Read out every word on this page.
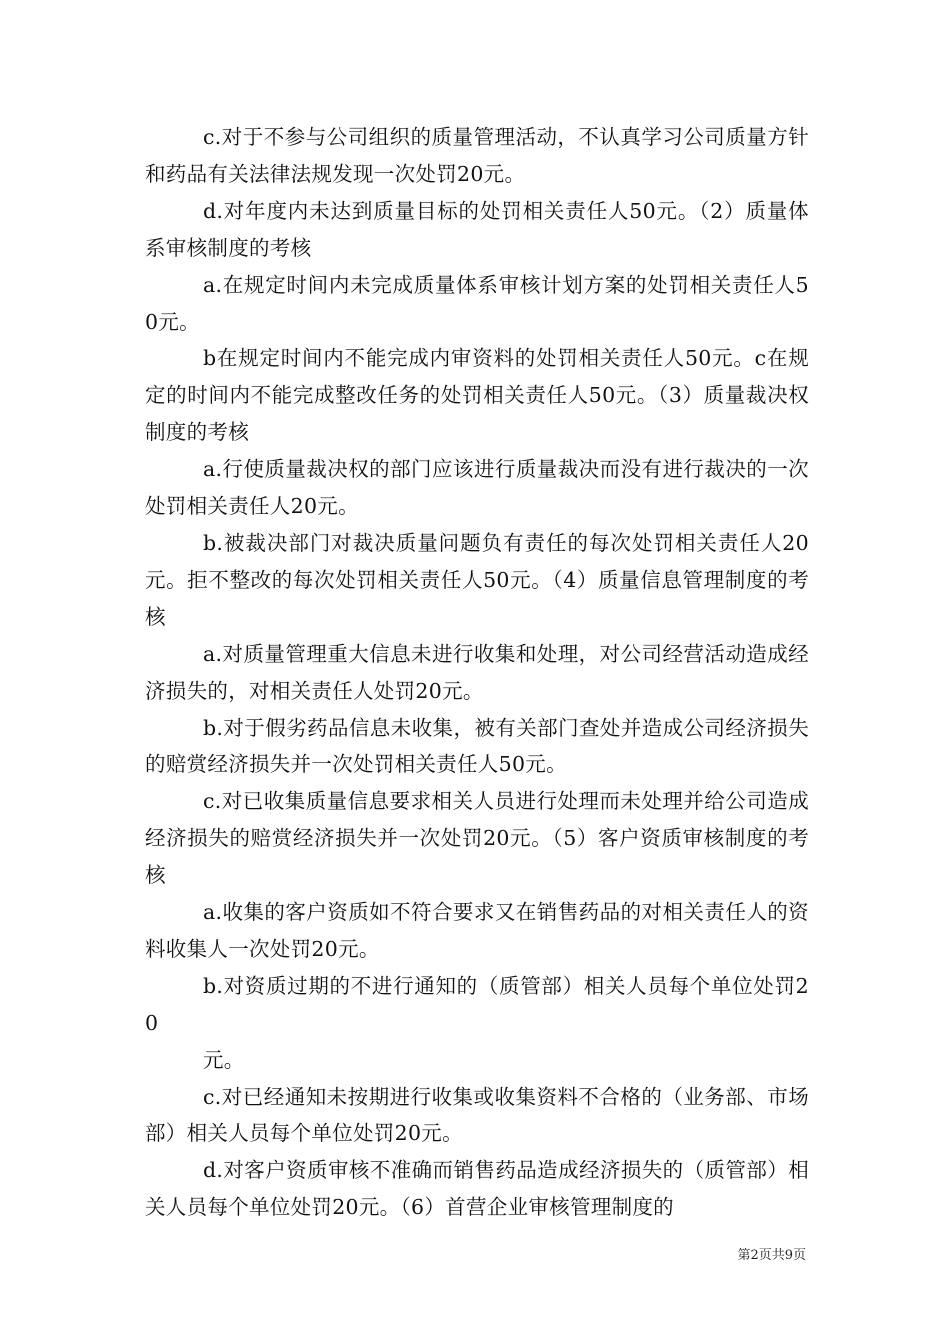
c.对于不参与公司组织的质量管理活动，不认真学习公司质量方针和药品有关法律法规发现一次处罚20元。

d.对年度内未达到质量目标的处罚相关责任人50元。（2）质量体系审核制度的考核

a.在规定时间内未完成质量体系审核计划方案的处罚相关责任人50元。

b在规定时间内不能完成内审资料的处罚相关责任人50元。c在规定的时间内不能完成整改任务的处罚相关责任人50元。（3）质量裁决权制度的考核

a.行使质量裁决权的部门应该进行质量裁决而没有进行裁决的一次处罚相关责任人20元。

b.被裁决部门对裁决质量问题负有责任的每次处罚相关责任人20元。拒不整改的每次处罚相关责任人50元。（4）质量信息管理制度的考核

a.对质量管理重大信息未进行收集和处理，对公司经营活动造成经济损失的，对相关责任人处罚20元。

b.对于假劣药品信息未收集，被有关部门查处并造成公司经济损失的赔赏经济损失并一次处罚相关责任人50元。

c.对已收集质量信息要求相关人员进行处理而未处理并给公司造成经济损失的赔赏经济损失并一次处罚20元。（5）客户资质审核制度的考核

a.收集的客户资质如不符合要求又在销售药品的对相关责任人的资料收集人一次处罚20元。

b.对资质过期的不进行通知的（质管部）相关人员每个单位处罚20

元。

c.对已经通知未按期进行收集或收集资料不合格的（业务部、市场部）相关人员每个单位处罚20元。

d.对客户资质审核不准确而销售药品造成经济损失的（质管部）相关人员每个单位处罚20元。（6）首营企业审核管理制度的

第2页共9页
